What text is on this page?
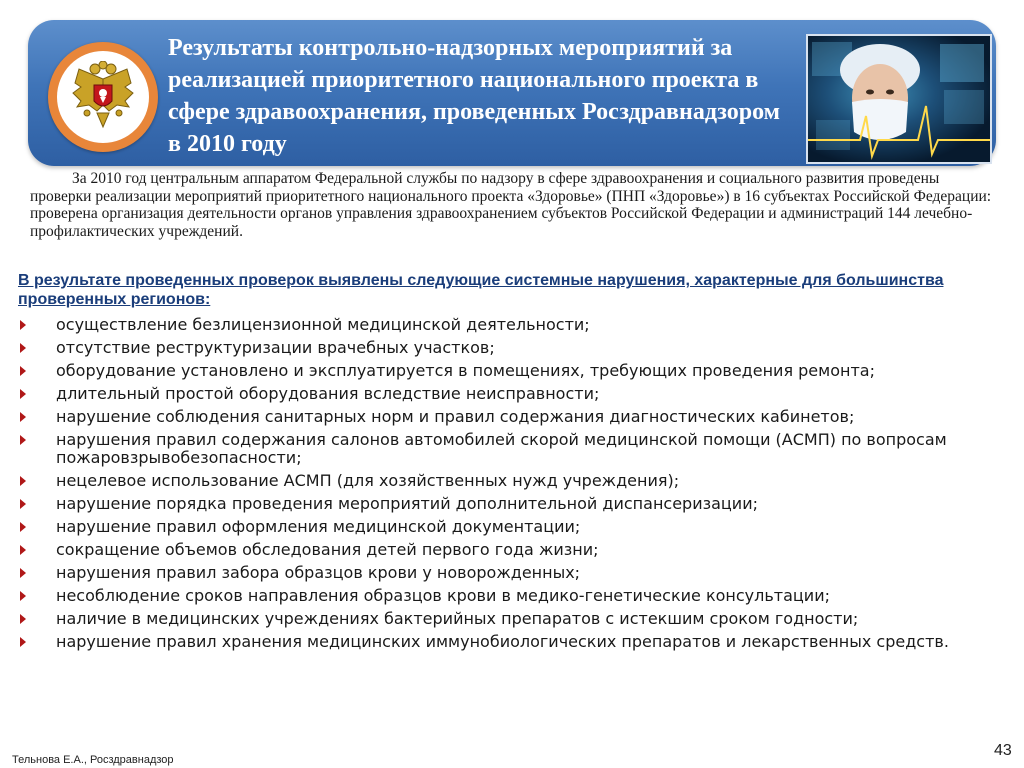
Результаты контрольно-надзорных мероприятий за реализацией приоритетного национального проекта в сфере здравоохранения, проведенных Росздравнадзором в 2010 году

За 2010 год центральным аппаратом Федеральной службы по надзору в сфере здравоохранения и социального развития проведены проверки реализации мероприятий приоритетного национального проекта «Здоровье» (ПНП «Здоровье») в 16 субъектах Российской Федерации: проверена организация деятельности органов управления здравоохранением субъектов Российской Федерации и администраций 144 лечебно-профилактических учреждений.

В результате проведенных проверок выявлены следующие системные нарушения, характерные для большинства проверенных регионов:

осуществление безлицензионной медицинской деятельности;
отсутствие реструктуризации врачебных участков;
оборудование установлено и эксплуатируется в помещениях, требующих проведения ремонта;
длительный простой оборудования вследствие неисправности;
нарушение соблюдения санитарных норм и правил содержания диагностических кабинетов;
нарушения правил содержания салонов автомобилей скорой медицинской помощи (АСМП) по вопросам пожаровзрывобезопасности;
нецелевое использование АСМП (для хозяйственных нужд учреждения);
нарушение порядка проведения мероприятий дополнительной диспансеризации;
нарушение правил оформления медицинской документации;
сокращение объемов обследования детей первого года жизни;
нарушения правил забора образцов крови у новорожденных;
несоблюдение сроков направления образцов крови в медико-генетические консультации;
наличие в медицинских учреждениях бактерийных препаратов с истекшим сроком годности;
нарушение правил хранения медицинских иммунобиологических препаратов и лекарственных средств.
Тельнова Е.А., Росздравнадзор
43
